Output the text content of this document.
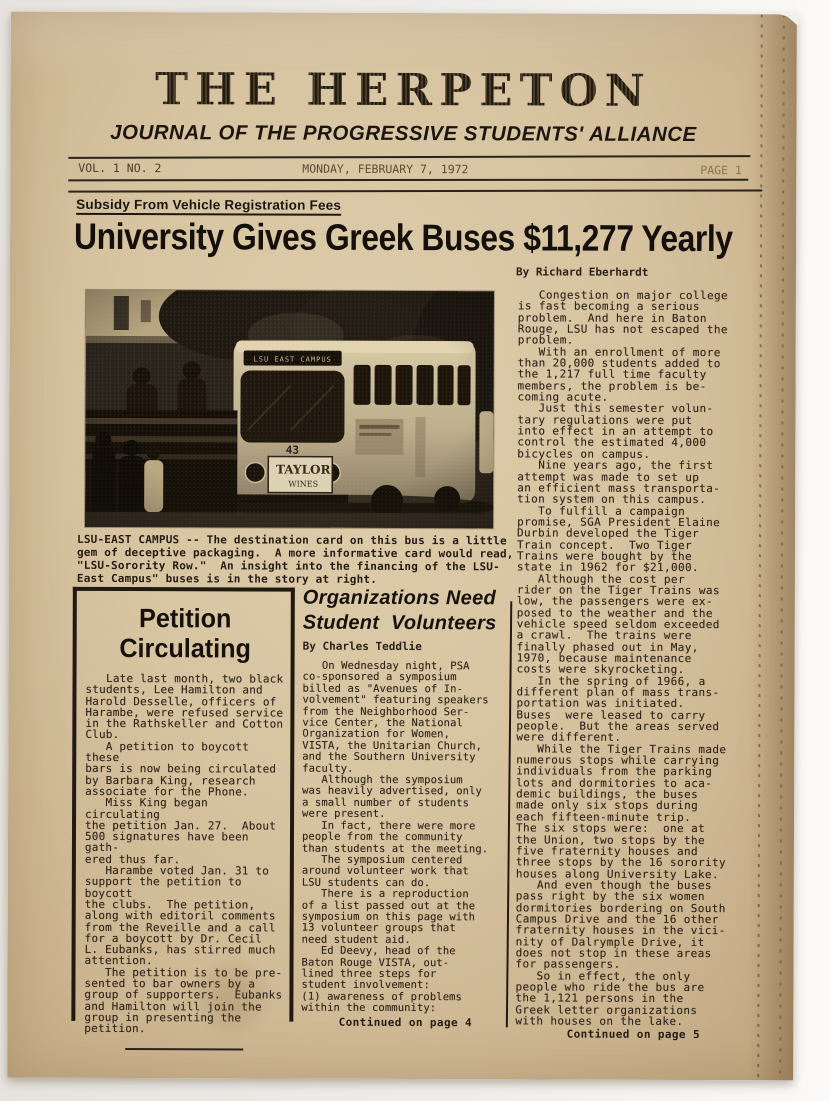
THE HERPETON
JOURNAL OF THE PROGRESSIVE STUDENTS' ALLIANCE
VOL. 1 NO. 2	MONDAY, FEBRUARY 7, 1972	PAGE 1
Subsidy From Vehicle Registration Fees
University Gives Greek Buses $11,277 Yearly
By Richard Eberhardt
LSU-EAST CAMPUS -- The destination card on this bus is a little
gem of deceptive packaging.  A more informative card would read,
"LSU-Sorority Row."  An insight into the financing of the LSU-
East Campus" buses is in the story at right.
Petition
Circulating
Late last month, two black
students, Lee Hamilton and
Harold Desselle, officers of
Harambe, were refused service
in the Rathskeller and Cotton
Club.
A petition to boycott these
bars is now being circulated
by Barbara King, research
associate for the Phone.
Miss King began circulating
the petition Jan. 27.  About
500 signatures have been gath-
ered thus far.
Harambe voted Jan. 31 to
support the petition to boycott
the clubs.  The petition,
along with editoril comments
from the Reveille and a call
for a boycott by Dr. Cecil
L. Eubanks, has stirred much
attention.
The petition is to be pre-
sented to bar owners by a
group of supporters.  Eubanks
and Hamilton will join the
group in presenting the
petition.
Organizations Need
Student  Volunteers
By Charles Teddlie
On Wednesday night, PSA
co-sponsored a symposium
billed as "Avenues of In-
volvement" featuring speakers
from the Neighborhood Ser-
vice Center, the National
Organization for Women,
VISTA, the Unitarian Church,
and the Southern University
faculty.
Although the symposium
was heavily advertised, only
a small number of students
were present.
In fact, there were more
people from the community
than students at the meeting.
The symposium centered
around volunteer work that
LSU students can do.
There is a reproduction
of a list passed out at the
symposium on this page with
13 volunteer groups that
need student aid.
Ed Deevy, head of the
Baton Rouge VISTA, out-
lined three steps for
student involvement:
(1) awareness of problems
within the community:
Continued on page 4
Congestion on major college
is fast becoming a serious
problem.  And here in Baton
Rouge, LSU has not escaped the
problem.
With an enrollment of more
than 20,000 students added to
the 1,217 full time faculty
members, the problem is be-
coming acute.
Just this semester volun-
tary regulations were put
into effect in an attempt to
control the estimated 4,000
bicycles on campus.
Nine years ago, the first
attempt was made to set up
an efficient mass transporta-
tion system on this campus.
To fulfill a campaign
promise, SGA President Elaine
Durbin developed the Tiger
Train concept.  Two Tiger
Trains were bought by the
state in 1962 for $21,000.
Although the cost per
rider on the Tiger Trains was
low, the passengers were ex-
posed to the weather and the
vehicle speed seldom exceeded
a crawl.  The trains were
finally phased out in May,
1970, because maintenance
costs were skyrocketing.
In the spring of 1966, a
different plan of mass trans-
portation was initiated.
Buses  were leased to carry
people.  But the areas served
were different.
While the Tiger Trains made
numerous stops while carrying
individuals from the parking
lots and dormitories to aca-
demic buildings, the buses
made only six stops during
each fifteen-minute trip.
The six stops were:  one at
the Union, two stops by the
five fraternity houses and
three stops by the 16 sorority
houses along University Lake.
And even though the buses
pass right by the six women
dormitories bordering on South
Campus Drive and the 16 other
fraternity houses in the vici-
nity of Dalrymple Drive, it
does not stop in these areas
for passengers.
So in effect, the only
people who ride the bus are
the 1,121 persons in the
Greek letter organizations
with houses on the lake.
Continued on page 5
